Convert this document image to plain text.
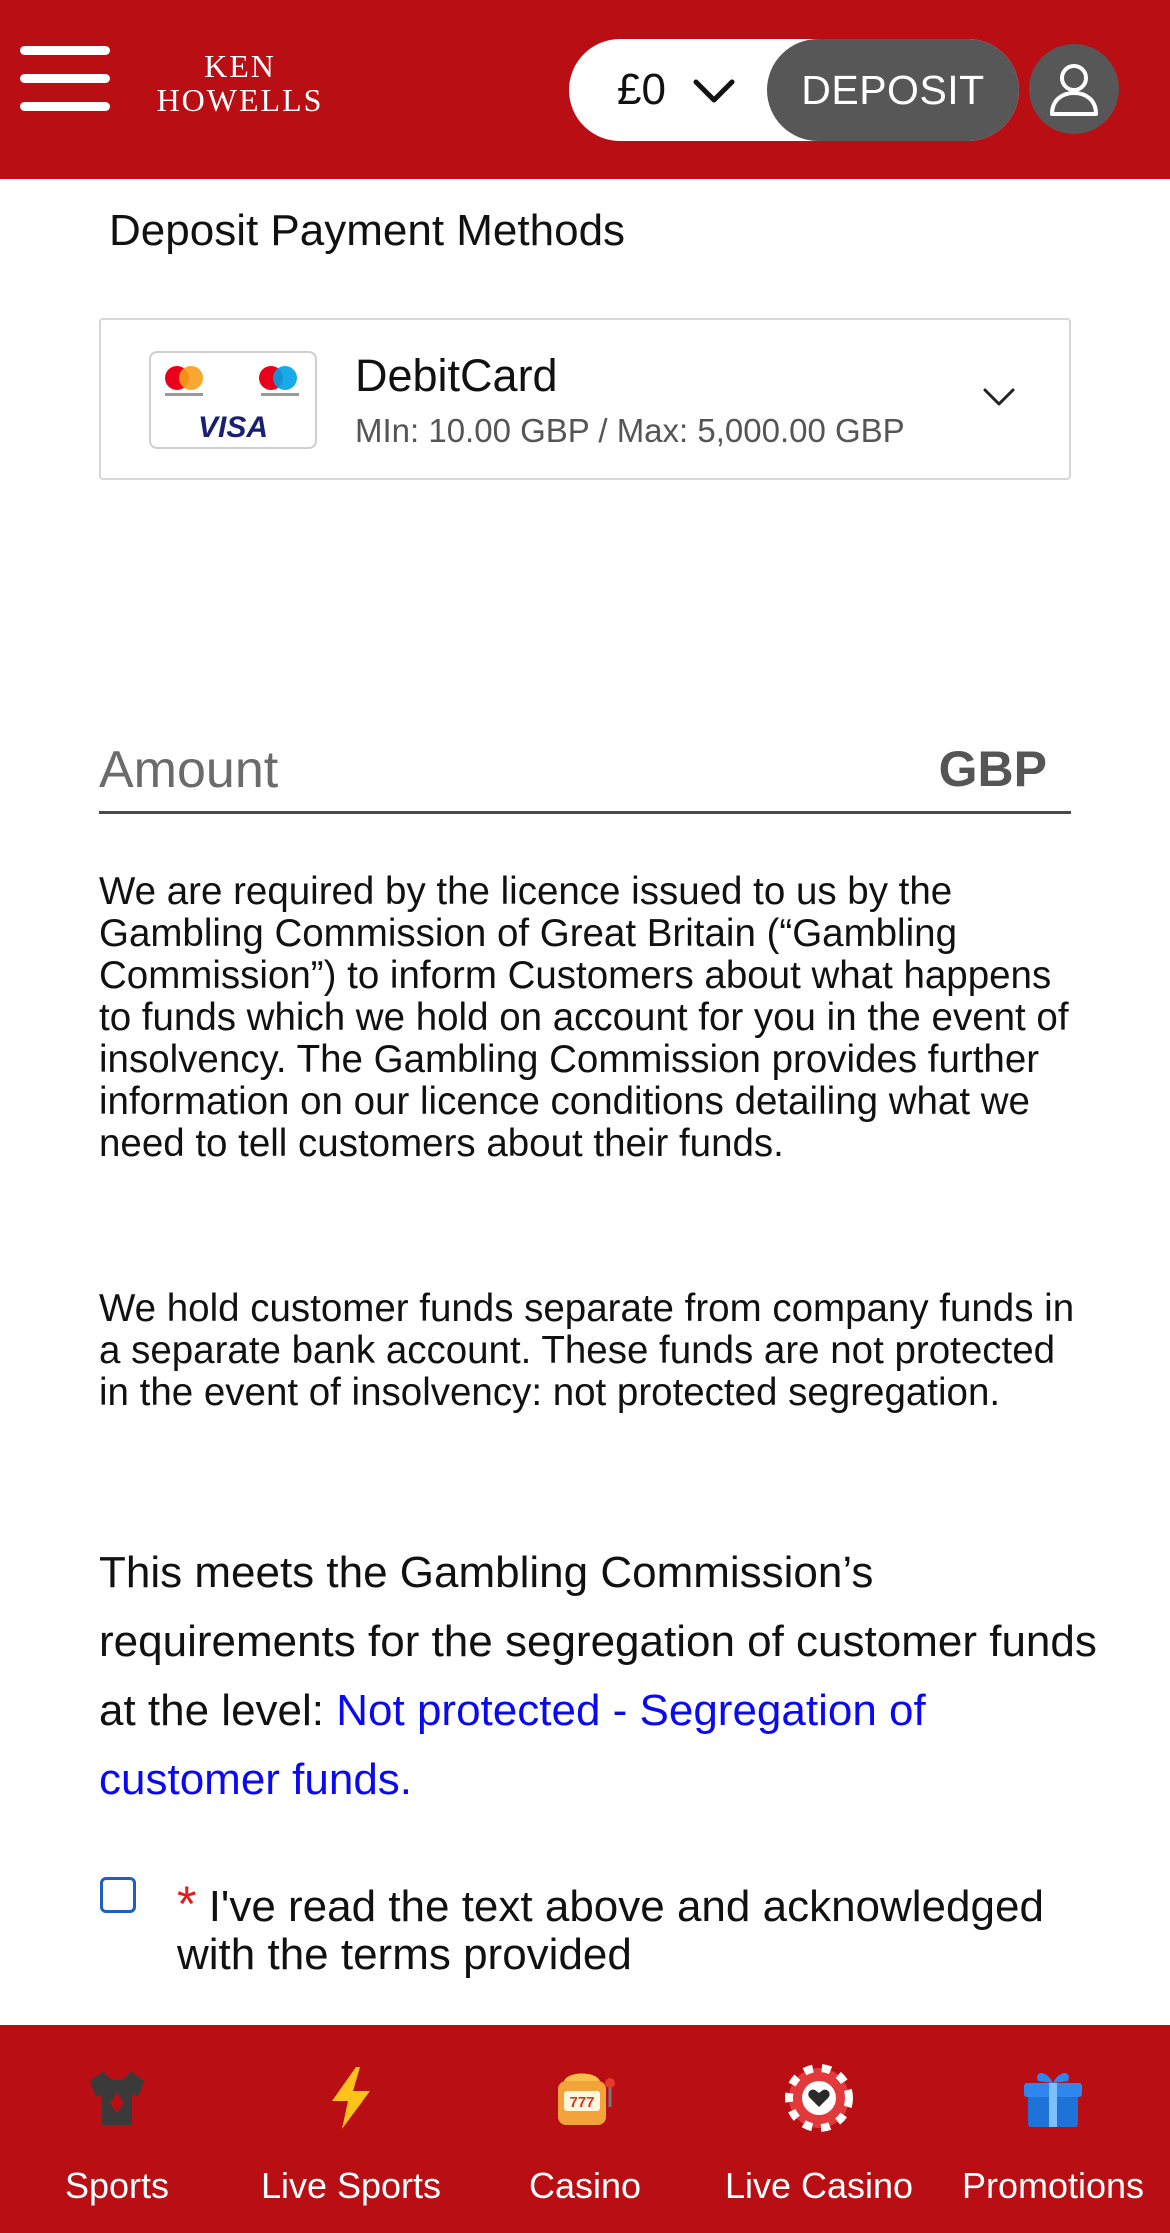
KEN
HOWELLS	£0	DEPOSIT
Deposit Payment Methods
VISA
DebitCard
MIn: 10.00 GBP / Max: 5,000.00 GBP
Amount
GBP
We are required by the licence issued to us by the Gambling Commission of Great Britain (“Gambling Commission”) to inform Customers about what happens to funds which we hold on account for you in the event of insolvency. The Gambling Commission provides further information on our licence conditions detailing what we need to tell customers about their funds.
We hold customer funds separate from company funds in a separate bank account. These funds are not protected in the event of insolvency: not protected segregation.
This meets the Gambling Commission’s requirements for the segregation of customer funds at the level: Not protected - Segregation of customer funds.
* I've read the text above and acknowledged with the terms provided
Sports	Live Sports
777
Casino	Live Casino	Promotions
